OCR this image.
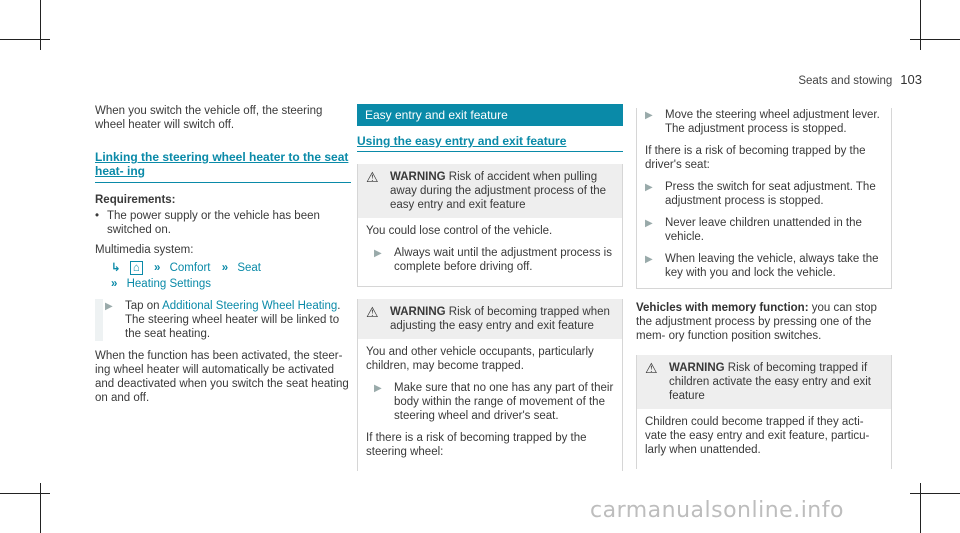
Seats and stowing 103

When you switch the vehicle off, the steering wheel heater will switch off.

Linking the steering wheel heater to the seat heat- ing
Requirements:
• The power supply or the vehicle has been switched on.

Multimedia system:

↳ ⌂ » Comfort » Seat
» Heating Settings
▶	Tap on Additional Steering Wheel Heating. The steering wheel heater will be linked to the seat heating.

When the function has been activated, the steer- ing wheel heater will automatically be activated and deactivated when you switch the seat heating on and off.

Easy entry and exit feature
Using the easy entry and exit feature
⚠ WARNING Risk of accident when pulling away during the adjustment process of the easy entry and exit feature

You could lose control of the vehicle.

▶	Always wait until the adjustment process is complete before driving off.
⚠ WARNING Risk of becoming trapped when adjusting the easy entry and exit feature

You and other vehicle occupants, particularly children, may become trapped.

▶	Make sure that no one has any part of their body within the range of movement of the steering wheel and driver's seat.

If there is a risk of becoming trapped by the steering wheel:

▶	Move the steering wheel adjustment lever. The adjustment process is stopped.

If there is a risk of becoming trapped by the driver's seat:

▶	Press the switch for seat adjustment. The adjustment process is stopped.
▶	Never leave children unattended in the vehicle.
▶	When leaving the vehicle, always take the key with you and lock the vehicle.

Vehicles with memory function: you can stop the adjustment process by pressing one of the mem- ory function position switches.

⚠ WARNING Risk of becoming trapped if children activate the easy entry and exit feature

Children could become trapped if they acti- vate the easy entry and exit feature, particu- larly when unattended.

carmanualsonline.info
